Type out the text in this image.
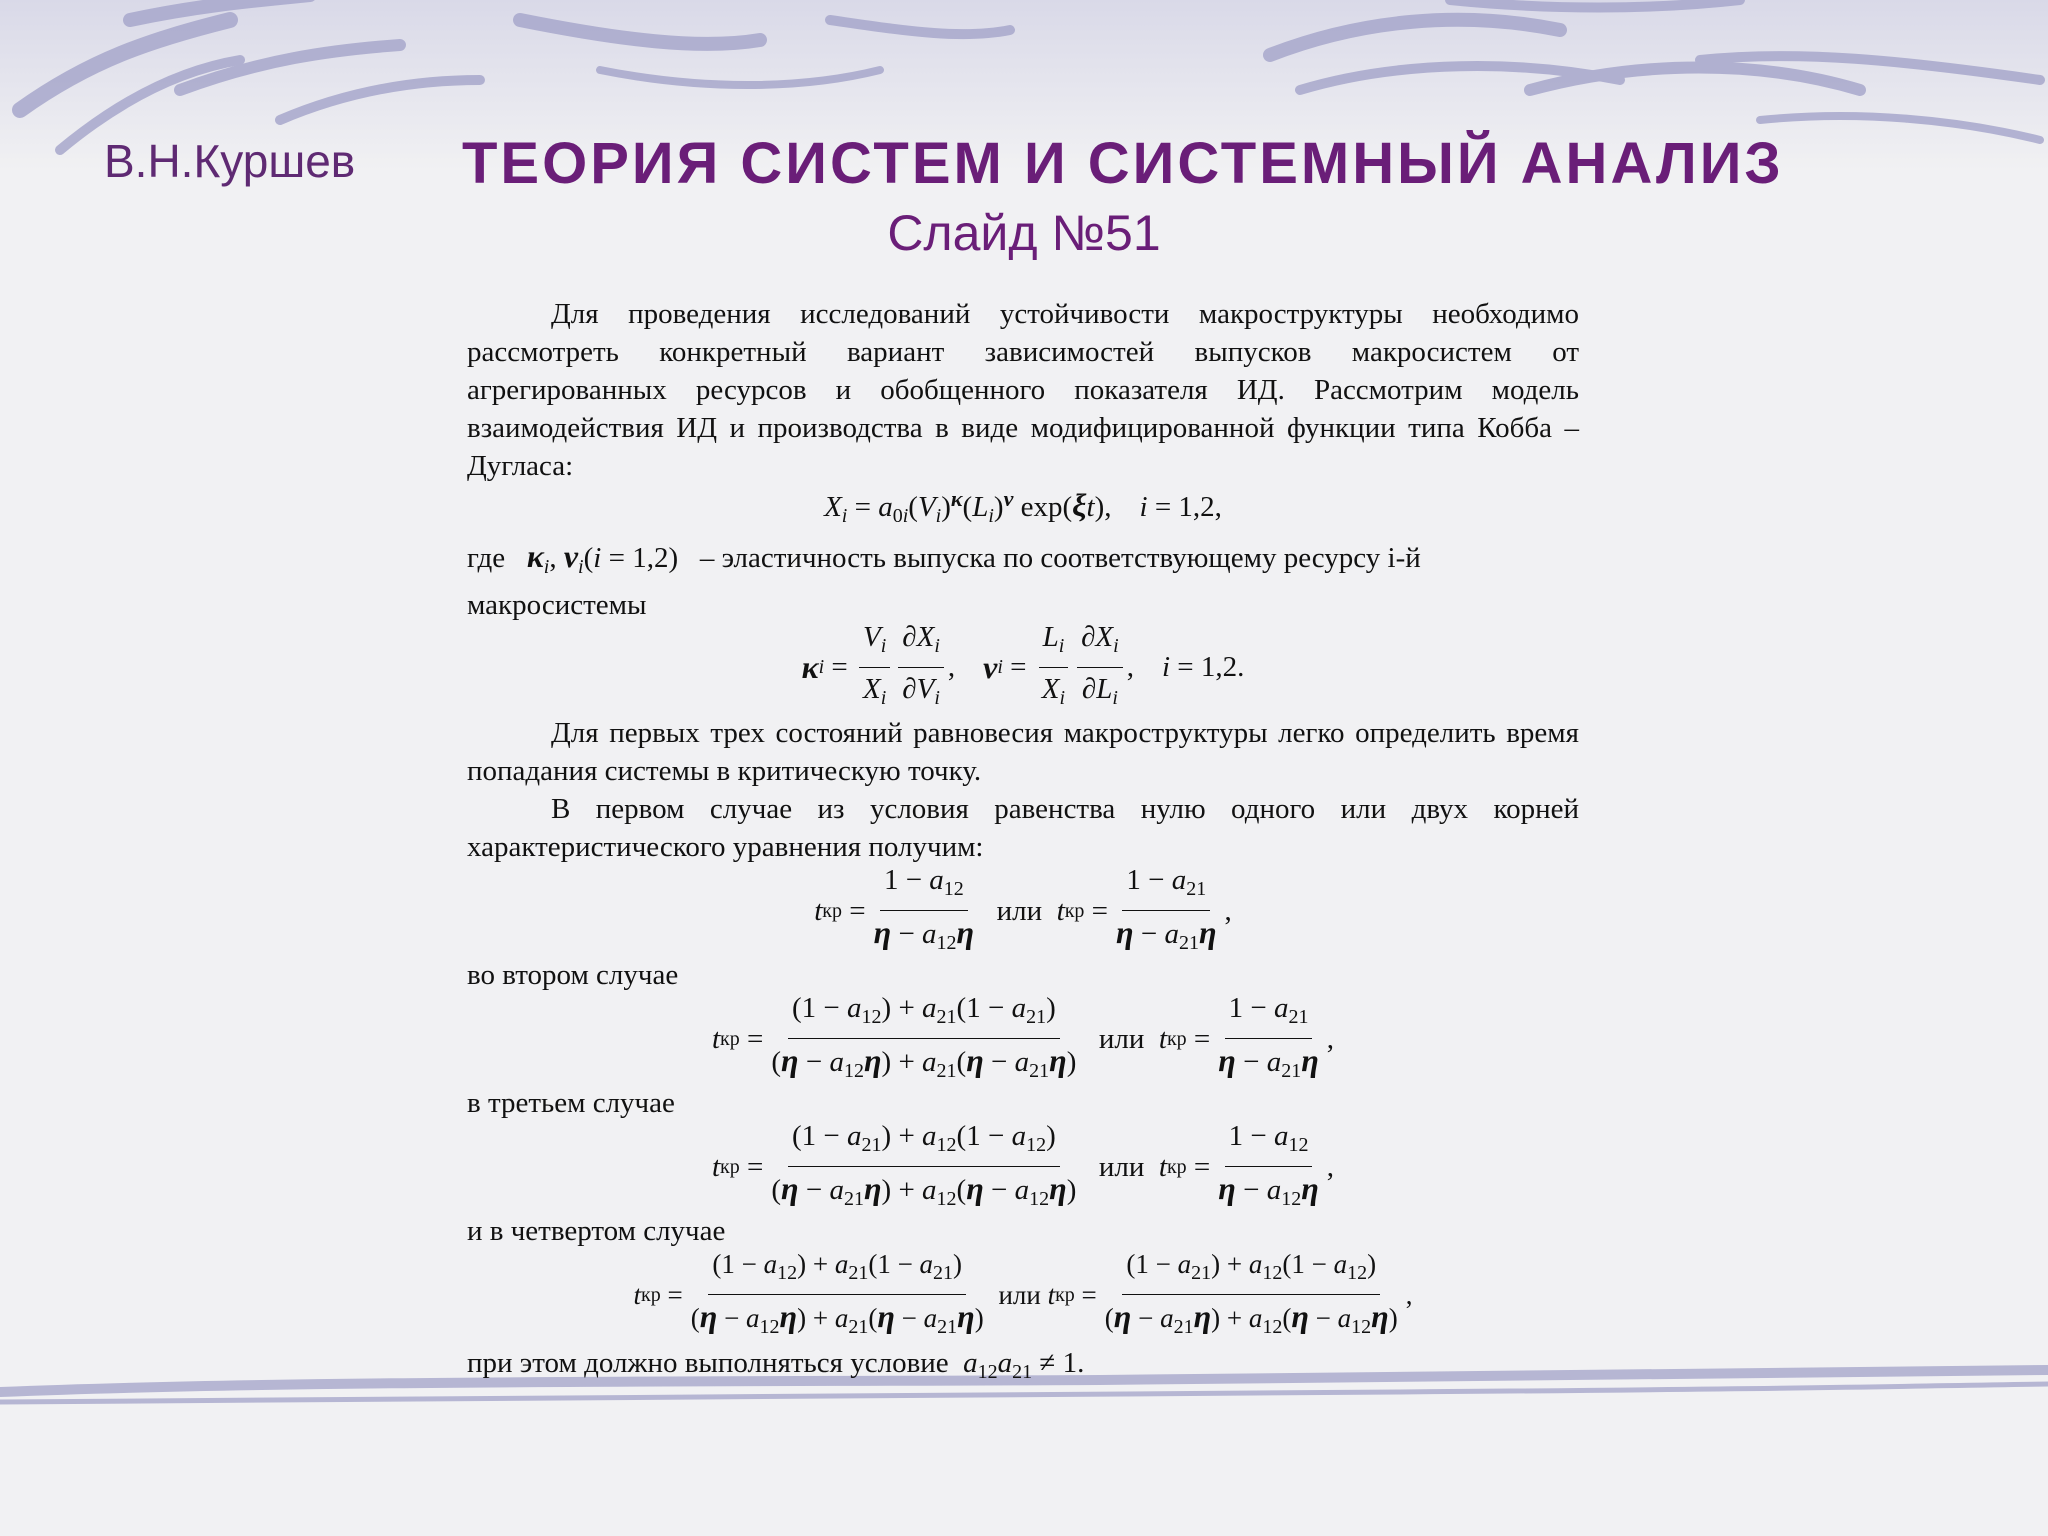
В.Н.Куршев ТЕОРИЯ СИСТЕМ И СИСТЕМНЫЙ АНАЛИЗ
Слайд №51

Для проведения исследований устойчивости макроструктуры необходимо рассмотреть конкретный вариант зависимостей выпусков макросистем от агрегированных ресурсов и обобщенного показателя ИД. Рассмотрим модель взаимодействия ИД и производства в виде модифицированной функции типа Кобба – Дугласа:

$X_i = a_{0i}(V_i)^\kappa(L_i)^\nu$ exp(ξt), i = 1,2,

где $\kappa_i$, $\nu_i(i = 1,2)$   – эластичность выпуска по соответствующему ресурсу i-й

макросистемы

κ $i = \frac{V_i}{X_i} \frac{\partial X_i}{\partial V_i}$ , ν $i = \frac{L_i}{X_i} \frac{\partial X_i}{\partial L_i}$ , i = 1,2.

Для первых трех состояний равновесия макроструктуры легко определить время попадания системы в критическую точку.

В первом случае из условия равенства нулю одного или двух корней характеристического уравнения получим:

t кр = $\frac{1 - a_{12}}{\eta - a_{12}\eta}$
или
t кр = $\frac{1 - a_{21}}{\eta - a_{21}\eta}$ ,

во втором случае

t кр = $\frac{(1 - a_{12}) + a_{21}(1 - a_{21})}{(\eta - a_{12}\eta) + a_{21}(\eta - a_{21}\eta)}$
или
t кр = $\frac{1 - a_{21}}{\eta - a_{21}\eta}$ ,

в третьем случае

t кр = $\frac{(1 - a_{21}) + a_{12}(1 - a_{12})}{(\eta - a_{21}\eta) + a_{12}(\eta - a_{12}\eta)}$
или
t кр = $\frac{1 - a_{12}}{\eta - a_{12}\eta}$ ,

и в четвертом случае

t кр = $\frac{(1 - a_{12}) + a_{21}(1 - a_{21})}{(\eta - a_{12}\eta) + a_{21}(\eta - a_{21}\eta)}$
или
t кр = $\frac{(1 - a_{21}) + a_{12}(1 - a_{12})}{(\eta - a_{21}\eta) + a_{12}(\eta - a_{12}\eta)}$ ,

при этом должно выполняться условие $a_{12}a_{21} \ne 1$.
